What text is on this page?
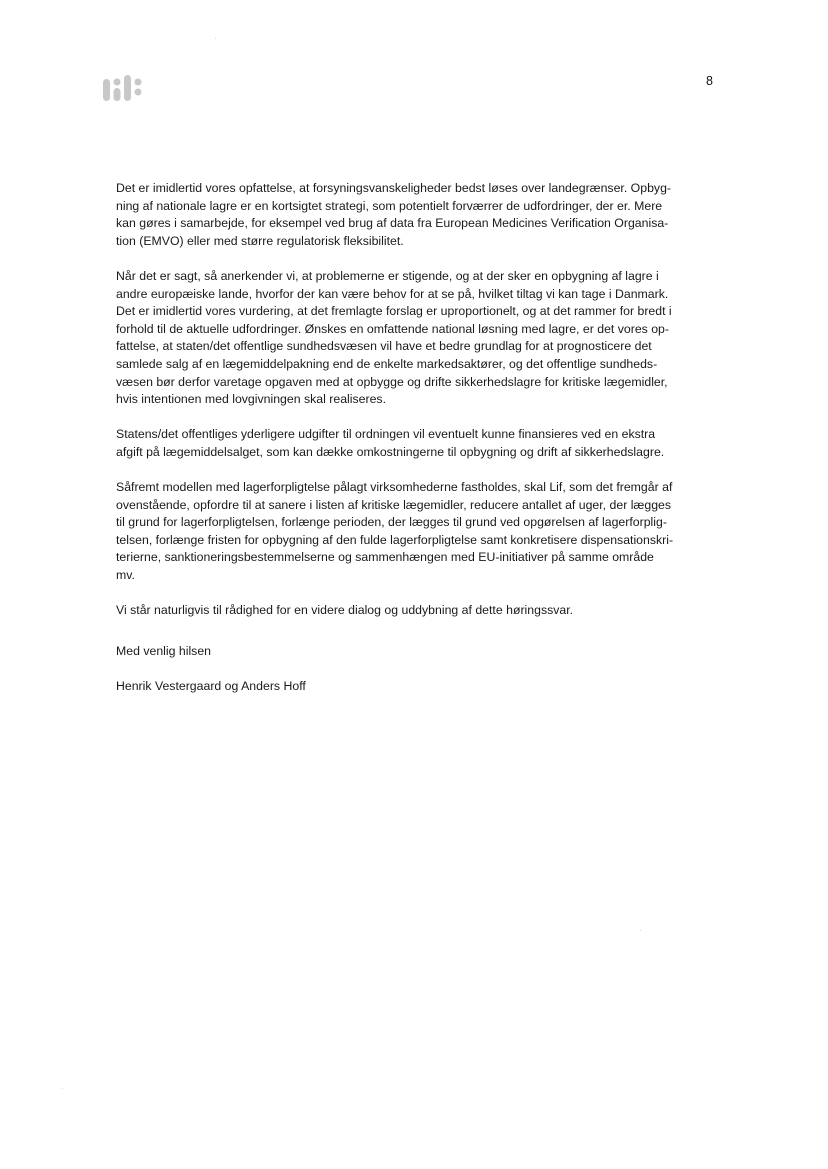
8

Det er imidlertid vores opfattelse, at forsyningsvanskeligheder bedst løses over landegrænser. Opbyg-
ning af nationale lagre er en kortsigtet strategi, som potentielt forværrer de udfordringer, der er. Mere
kan gøres i samarbejde, for eksempel ved brug af data fra European Medicines Verification Organisa-
tion (EMVO) eller med større regulatorisk fleksibilitet.

Når det er sagt, så anerkender vi, at problemerne er stigende, og at der sker en opbygning af lagre i
andre europæiske lande, hvorfor der kan være behov for at se på, hvilket tiltag vi kan tage i Danmark.
Det er imidlertid vores vurdering, at det fremlagte forslag er uproportionelt, og at det rammer for bredt i
forhold til de aktuelle udfordringer. Ønskes en omfattende national løsning med lagre, er det vores op-
fattelse, at staten/det offentlige sundhedsvæsen vil have et bedre grundlag for at prognosticere det
samlede salg af en lægemiddelpakning end de enkelte markedsaktører, og det offentlige sundheds-
væsen bør derfor varetage opgaven med at opbygge og drifte sikkerhedslagre for kritiske lægemidler,
hvis intentionen med lovgivningen skal realiseres.

Statens/det offentliges yderligere udgifter til ordningen vil eventuelt kunne finansieres ved en ekstra
afgift på lægemiddelsalget, som kan dække omkostningerne til opbygning og drift af sikkerhedslagre.

Såfremt modellen med lagerforpligtelse pålagt virksomhederne fastholdes, skal Lif, som det fremgår af
ovenstående, opfordre til at sanere i listen af kritiske lægemidler, reducere antallet af uger, der lægges
til grund for lagerforpligtelsen, forlænge perioden, der lægges til grund ved opgørelsen af lagerforplig-
telsen, forlænge fristen for opbygning af den fulde lagerforpligtelse samt konkretisere dispensationskri-
terierne, sanktioneringsbestemmelserne og sammenhængen med EU-initiativer på samme område
mv.

Vi står naturligvis til rådighed for en videre dialog og uddybning af dette høringssvar.

Med venlig hilsen

Henrik Vestergaard og Anders Hoff
